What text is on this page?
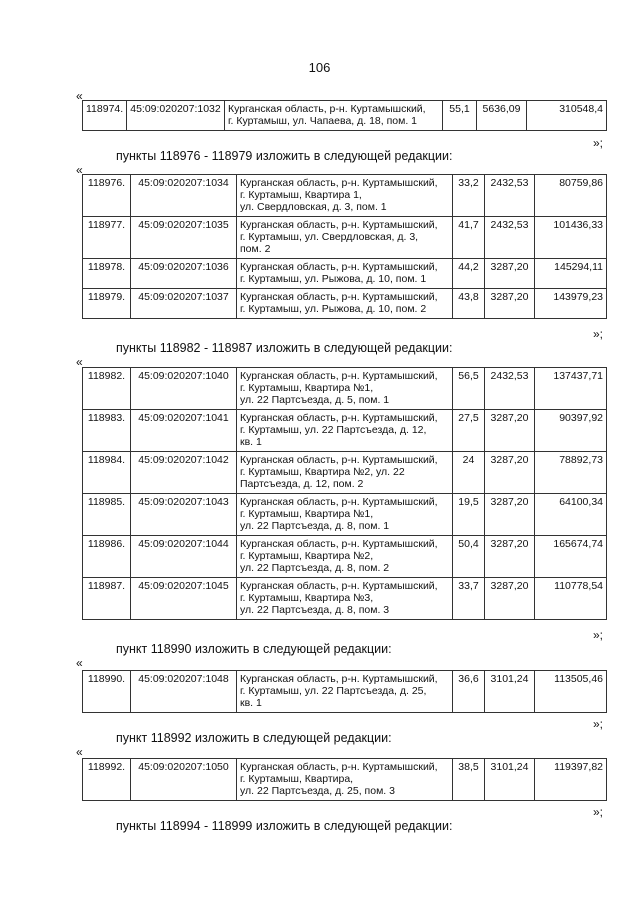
106
«
118974.	45:09:020207:1032	Курганская область, р-н. Куртамышский,
г. Куртамыш, ул. Чапаева, д. 18, пом. 1	55,1	5636,09	310548,4
»;
пункты 118976 - 118979 изложить в следующей редакции:
«
118976.	45:09:020207:1034	Курганская область, р-н. Куртамышский,
г. Куртамыш, Квартира 1,
ул. Свердловская, д. 3, пом. 1	33,2	2432,53	80759,86
118977.	45:09:020207:1035	Курганская область, р-н. Куртамышский,
г. Куртамыш, ул. Свердловская, д. 3,
пом. 2	41,7	2432,53	101436,33
118978.	45:09:020207:1036	Курганская область, р-н. Куртамышский,
г. Куртамыш, ул. Рыжова, д. 10, пом. 1	44,2	3287,20	145294,11
118979.	45:09:020207:1037	Курганская область, р-н. Куртамышский,
г. Куртамыш, ул. Рыжова, д. 10, пом. 2	43,8	3287,20	143979,23
»;
пункты 118982 - 118987 изложить в следующей редакции:
«
118982.	45:09:020207:1040	Курганская область, р-н. Куртамышский,
г. Куртамыш, Квартира №1,
ул. 22 Партсъезда, д. 5, пом. 1	56,5	2432,53	137437,71
118983.	45:09:020207:1041	Курганская область, р-н. Куртамышский,
г. Куртамыш, ул. 22 Партсъезда, д. 12,
кв. 1	27,5	3287,20	90397,92
118984.	45:09:020207:1042	Курганская область, р-н. Куртамышский,
г. Куртамыш, Квартира №2, ул. 22
Партсъезда, д. 12, пом. 2	24	3287,20	78892,73
118985.	45:09:020207:1043	Курганская область, р-н. Куртамышский,
г. Куртамыш, Квартира №1,
ул. 22 Партсъезда, д. 8, пом. 1	19,5	3287,20	64100,34
118986.	45:09:020207:1044	Курганская область, р-н. Куртамышский,
г. Куртамыш, Квартира №2,
ул. 22 Партсъезда, д. 8, пом. 2	50,4	3287,20	165674,74
118987.	45:09:020207:1045	Курганская область, р-н. Куртамышский,
г. Куртамыш, Квартира №3,
ул. 22 Партсъезда, д. 8, пом. 3	33,7	3287,20	110778,54
»;
пункт 118990 изложить в следующей редакции:
«
118990.	45:09:020207:1048	Курганская область, р-н. Куртамышский,
г. Куртамыш, ул. 22 Партсъезда, д. 25,
кв. 1	36,6	3101,24	113505,46
»;
пункт 118992 изложить в следующей редакции:
«
118992.	45:09:020207:1050	Курганская область, р-н. Куртамышский,
г. Куртамыш, Квартира,
ул. 22 Партсъезда, д. 25, пом. 3	38,5	3101,24	119397,82
»;
пункты 118994 - 118999 изложить в следующей редакции:
